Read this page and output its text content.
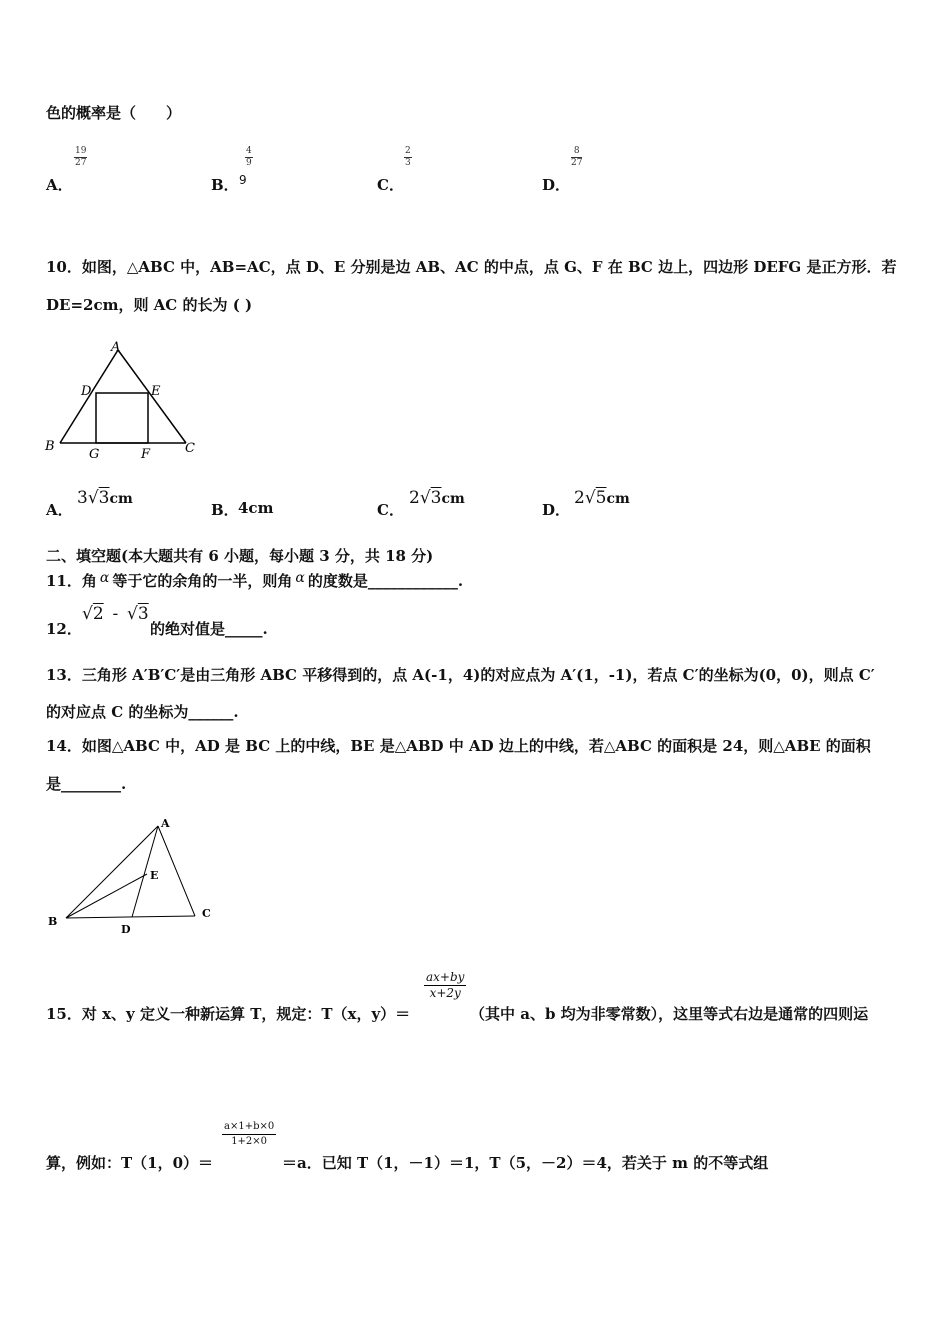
色的概率是（　　）
A．
$\frac{19}{27}$
B．
$\frac{4}{9}$
9	C．
$\frac{2}{3}$
D．
$\frac{8}{27}$
10．如图，△ABC 中，AB=AC，点 D、E 分别是边 AB、AC 的中点，点 G、F 在 BC 边上，四边形 DEFG 是正方形．若
DE=2cm，则 AC 的长为 ( )
A
D	E
B
G	F	C
A．
3√3cm
B． 4cm	C．
2√3cm
D．
2√5cm
二、填空题(本大题共有 6 小题，每小题 3 分，共 18 分)
11．角 α 等于它的余角的一半，则角 α 的度数是____________.
12．
√2 - √3
的绝对值是_____.
13．三角形 A′B′C′是由三角形 ABC 平移得到的，点 A(-1，4)的对应点为 A′(1，-1)，若点 C′的坐标为(0，0)，则点 C′
的对应点 C 的坐标为______.
14．如图△ABC 中，AD 是 BC 上的中线，BE 是△ABD 中 AD 边上的中线，若△ABC 的面积是 24，则△ABE 的面积
是________.
A
E
B
D
C
15．对 x、y 定义一种新运算 T，规定：T（x，y）＝
$\frac{ax+by}{x+2y}$
（其中 a、b 均为非零常数），这里等式右边是通常的四则运
算，例如：T（1，0）＝
$\frac{a\times 1+b\times 0}{1+2\times 0}$
＝a．已知 T（1，－1）＝1，T（5，－2）＝4，若关于 m 的不等式组
